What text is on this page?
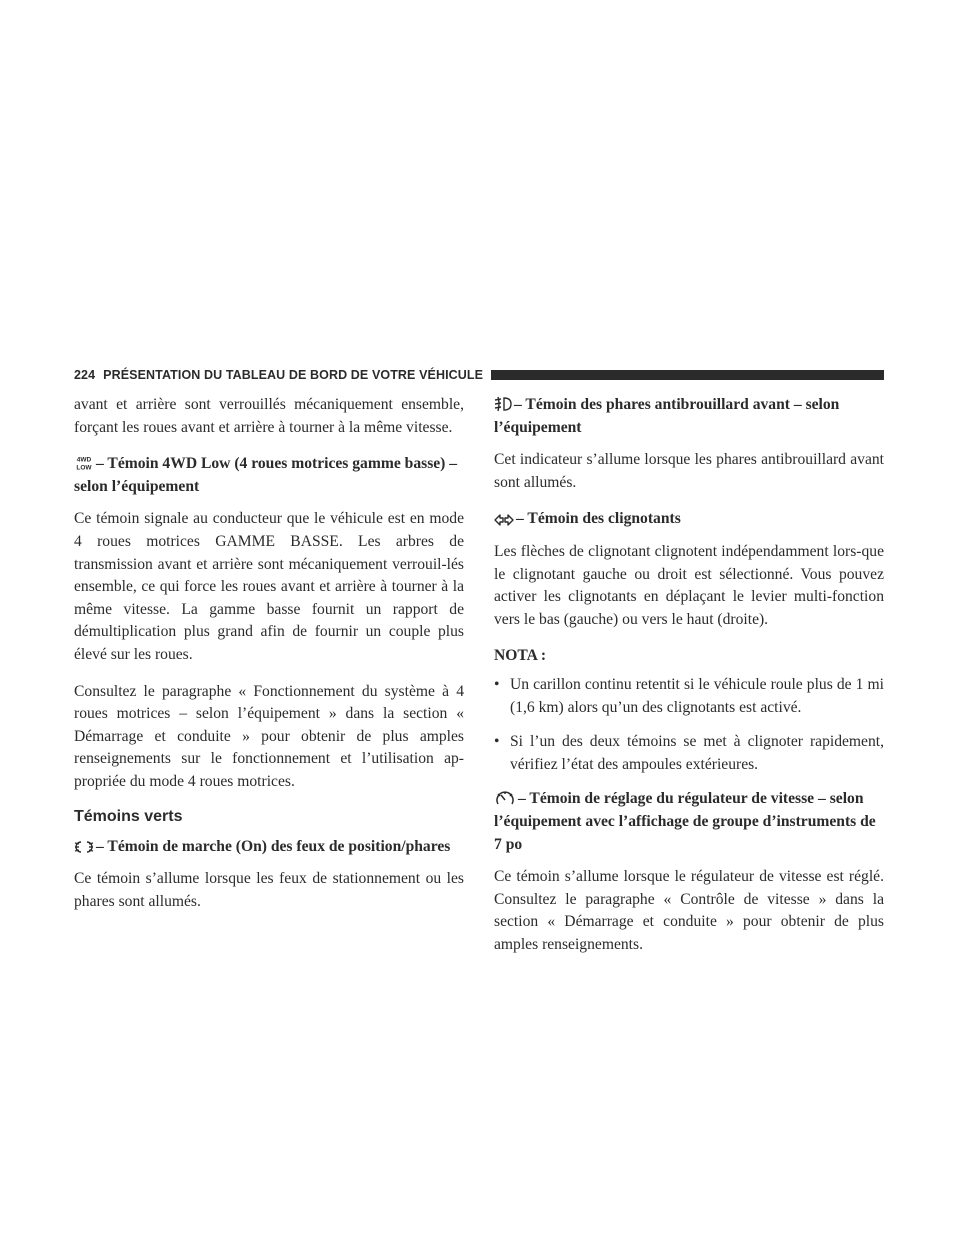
224 PRÉSENTATION DU TABLEAU DE BORD DE VOTRE VÉHICULE

avant et arrière sont verrouillés mécaniquement ensemble, forçant les roues avant et arrière à tourner à la même vitesse.

4WD
LOW – Témoin 4WD Low (4 roues motrices gamme basse) – selon l’équipement

Ce témoin signale au conducteur que le véhicule est en mode 4 roues motrices GAMME BASSE. Les arbres de transmission avant et arrière sont mécaniquement verrouil-lés ensemble, ce qui force les roues avant et arrière à tourner à la même vitesse. La gamme basse fournit un rapport de démultiplication plus grand afin de fournir un couple plus élevé sur les roues.

Consultez le paragraphe « Fonctionnement du système à 4 roues motrices – selon l’équipement » dans la section « Démarrage et conduite » pour obtenir de plus amples renseignements sur le fonctionnement et l’utilisation ap-propriée du mode 4 roues motrices.

Témoins verts
– Témoin de marche (On) des feux de position/phares

Ce témoin s’allume lorsque les feux de stationnement ou les phares sont allumés.

– Témoin des phares antibrouillard avant – selon l’équipement

Cet indicateur s’allume lorsque les phares antibrouillard avant sont allumés.

– Témoin des clignotants

Les flèches de clignotant clignotent indépendamment lors-que le clignotant gauche ou droit est sélectionné. Vous pouvez activer les clignotants en déplaçant le levier multi-fonction vers le bas (gauche) ou vers le haut (droite).

NOTA :
• Un carillon continu retentit si le véhicule roule plus de 1 mi (1,6 km) alors qu’un des clignotants est activé.
• Si l’un des deux témoins se met à clignoter rapidement, vérifiez l’état des ampoules extérieures.
– Témoin de réglage du régulateur de vitesse – selon l’équipement avec l’affichage de groupe d’instruments de 7 po

Ce témoin s’allume lorsque le régulateur de vitesse est réglé. Consultez le paragraphe « Contrôle de vitesse » dans la section « Démarrage et conduite » pour obtenir de plus amples renseignements.
